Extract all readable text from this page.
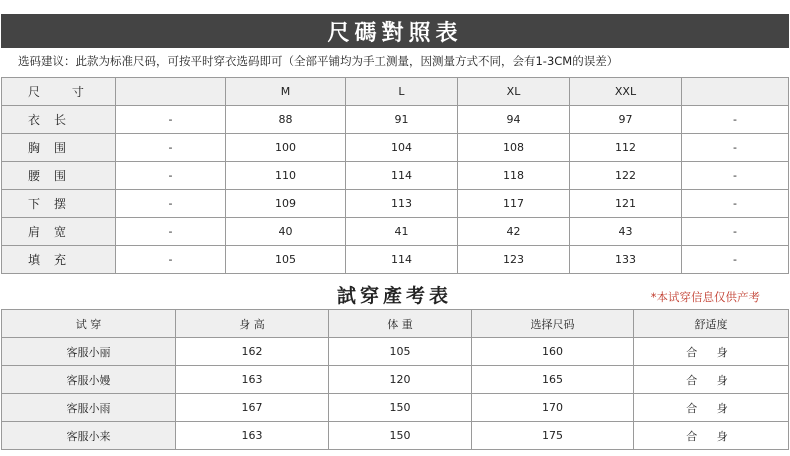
尺碼對照表
选码建议：此款为标准尺码，可按平时穿衣选码即可（全部平铺均为手工测量，因测量方式不同，会有1-3CM的误差）
尺 寸		M	L	XL	XXL	
衣长	-	88	91	94	97	-
胸围	-	100	104	108	112	-
腰围	-	110	114	118	122	-
下摆	-	109	113	117	121	-
肩宽	-	40	41	42	43	-
填充	-	105	114	123	133	-
試穿產考表	*本试穿信息仅供产考
试 穿	身 高	体 重	选择尺码	舒适度
客服小丽	162	105	160	合 身
客服小嫚	163	120	165	合 身
客服小雨	167	150	170	合 身
客服小来	163	150	175	合 身
